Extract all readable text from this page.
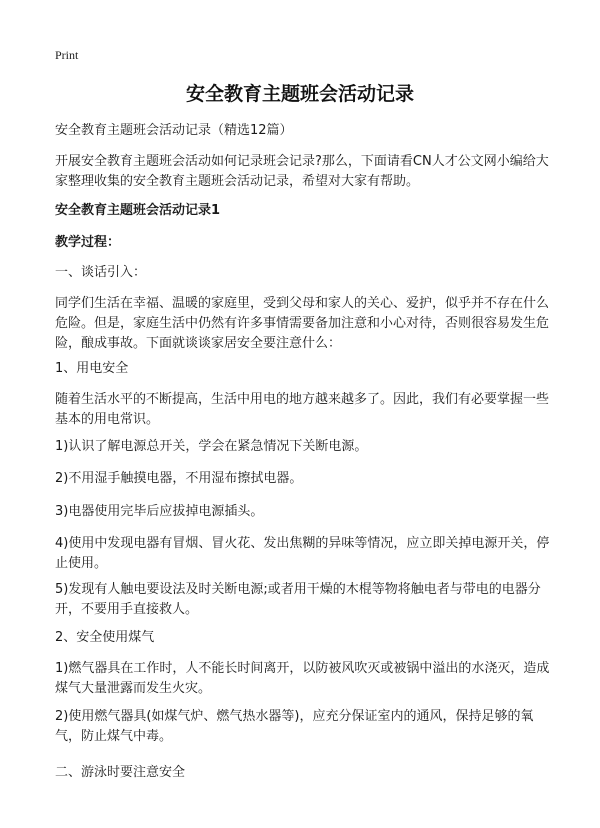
Print
安全教育主题班会活动记录

安全教育主题班会活动记录（精选12篇）

开展安全教育主题班会活动如何记录班会记录?那么，下面请看CN人才公文网小编给大家整理收集的安全教育主题班会活动记录，希望对大家有帮助。

安全教育主题班会活动记录1

教学过程：

一、谈话引入：

同学们生活在幸福、温暖的家庭里，受到父母和家人的关心、爱护，似乎并不存在什么危险。但是，家庭生活中仍然有许多事情需要备加注意和小心对待，否则很容易发生危险，酿成事故。下面就谈谈家居安全要注意什么：

1、用电安全

随着生活水平的不断提高，生活中用电的地方越来越多了。因此，我们有必要掌握一些基本的用电常识。

1)认识了解电源总开关，学会在紧急情况下关断电源。

2)不用湿手触摸电器，不用湿布擦拭电器。

3)电器使用完毕后应拔掉电源插头。

4)使用中发现电器有冒烟、冒火花、发出焦糊的异味等情况，应立即关掉电源开关，停止使用。

5)发现有人触电要设法及时关断电源;或者用干燥的木棍等物将触电者与带电的电器分开，不要用手直接救人。

2、安全使用煤气

1)燃气器具在工作时，人不能长时间离开，以防被风吹灭或被锅中溢出的水浇灭，造成煤气大量泄露而发生火灾。

2)使用燃气器具(如煤气炉、燃气热水器等)，应充分保证室内的通风，保持足够的氧气，防止煤气中毒。

二、游泳时要注意安全
